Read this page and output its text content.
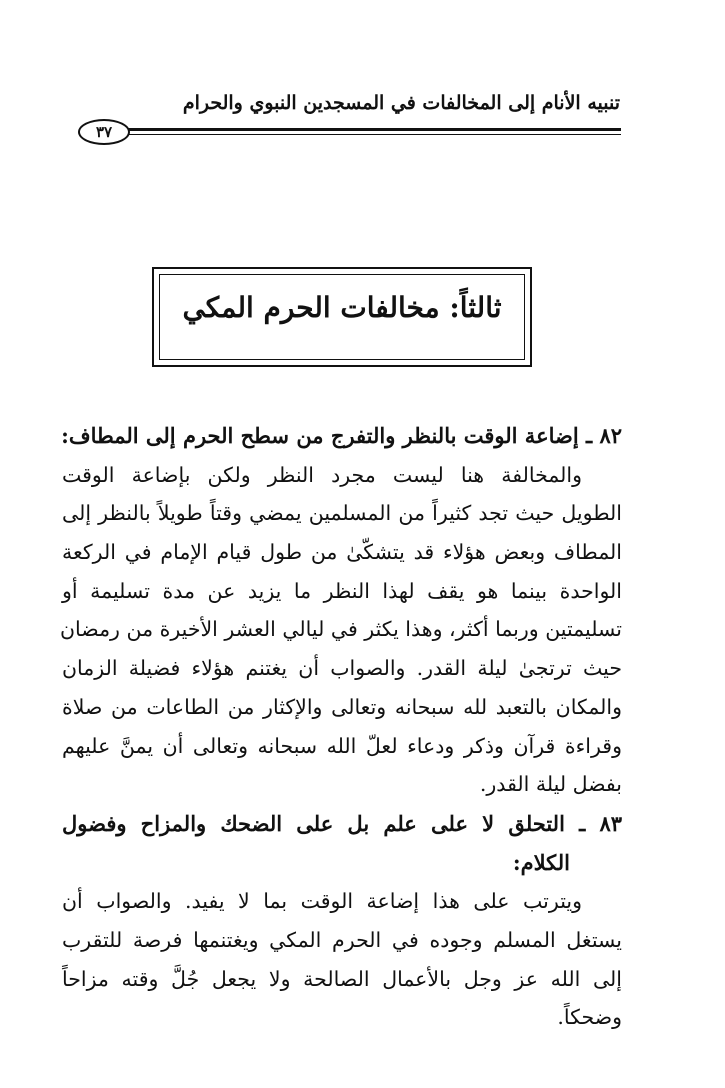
تنبيه الأنام إلى المخالفات في المسجدين النبوي والحرام
٣٧
ثالثاً: مخالفات الحرم المكي
٨٢ ـ إضاعة الوقت بالنظر والتفرج من سطح الحرم إلى المطاف:
والمخالفة هنا ليست مجرد النظر ولكن بإضاعة الوقت
الطويل حيث تجد كثيراً من المسلمين يمضي وقتاً طويلاً بالنظر إلى
المطاف وبعض هؤلاء قد يتشكّىٰ من طول قيام الإمام في الركعة
الواحدة بينما هو يقف لهذا النظر ما يزيد عن مدة تسليمة أو
تسليمتين وربما أكثر، وهذا يكثر في ليالي العشر الأخيرة من رمضان
حيث ترتجىٰ ليلة القدر. والصواب أن يغتنم هؤلاء فضيلة الزمان
والمكان بالتعبد لله سبحانه وتعالى والإكثار من الطاعات من صلاة
وقراءة قرآن وذكر ودعاء لعلّ الله سبحانه وتعالى أن يمنَّ عليهم
بفضل ليلة القدر.
٨٣ ـ التحلق لا على علم بل على الضحك والمزاح وفضول
الكلام:
ويترتب على هذا إضاعة الوقت بما لا يفيد. والصواب أن
يستغل المسلم وجوده في الحرم المكي ويغتنمها فرصة للتقرب
إلى الله عز وجل بالأعمال الصالحة ولا يجعل جُلَّ وقته مزاحاً
وضحكاً.
